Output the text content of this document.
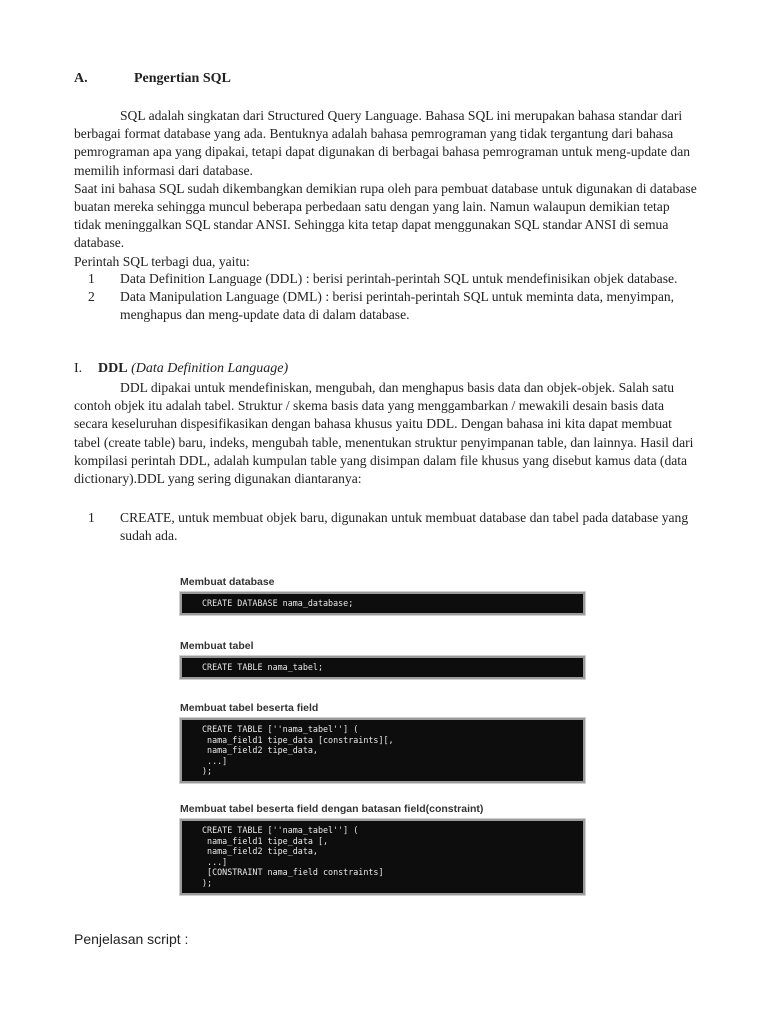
A.	Pengertian SQL

SQL adalah singkatan dari Structured Query Language. Bahasa SQL ini merupakan bahasa standar dari berbagai format database yang ada. Bentuknya adalah bahasa pemrograman yang tidak tergantung dari bahasa pemrograman apa yang dipakai, tetapi dapat digunakan di berbagai bahasa pemrograman untuk meng-update dan memilih informasi dari database.

Saat ini bahasa SQL sudah dikembangkan demikian rupa oleh para pembuat database untuk digunakan di database buatan mereka sehingga muncul beberapa perbedaan satu dengan yang lain. Namun walaupun demikian tetap tidak meninggalkan SQL standar ANSI. Sehingga kita tetap dapat menggunakan SQL standar ANSI di semua database.

Perintah SQL terbagi dua, yaitu:

1	Data Definition Language (DDL) : berisi perintah-perintah SQL untuk mendefinisikan objek database.
2	Data Manipulation Language (DML) : berisi perintah-perintah SQL untuk meminta data, menyimpan, menghapus dan meng-update data di dalam database.
I. DDL (Data Definition Language)

DDL dipakai untuk mendefiniskan, mengubah, dan menghapus basis data dan objek-objek. Salah satu contoh objek itu adalah tabel. Struktur / skema basis data yang menggambarkan / mewakili desain basis data secara keseluruhan dispesifikasikan dengan bahasa khusus yaitu DDL. Dengan bahasa ini kita dapat membuat tabel (create table) baru, indeks, mengubah table, menentukan struktur penyimpanan table, dan lainnya. Hasil dari kompilasi perintah DDL, adalah kumpulan table yang disimpan dalam file khusus yang disebut kamus data (data dictionary).DDL yang sering digunakan diantaranya:

1	CREATE, untuk membuat objek baru, digunakan untuk membuat database dan tabel pada database yang sudah ada.
Membuat database
CREATE DATABASE nama_database;
Membuat tabel
CREATE TABLE nama_tabel;
Membuat tabel beserta field
CREATE TABLE [''nama_tabel''] (
nama_field1 tipe_data [constraints][,
nama_field2 tipe_data,
...]
);
Membuat tabel beserta field dengan batasan field(constraint)
CREATE TABLE [''nama_tabel''] (
nama_field1 tipe_data [,
nama_field2 tipe_data,
...]
[CONSTRAINT nama_field constraints]
);
Penjelasan script :
